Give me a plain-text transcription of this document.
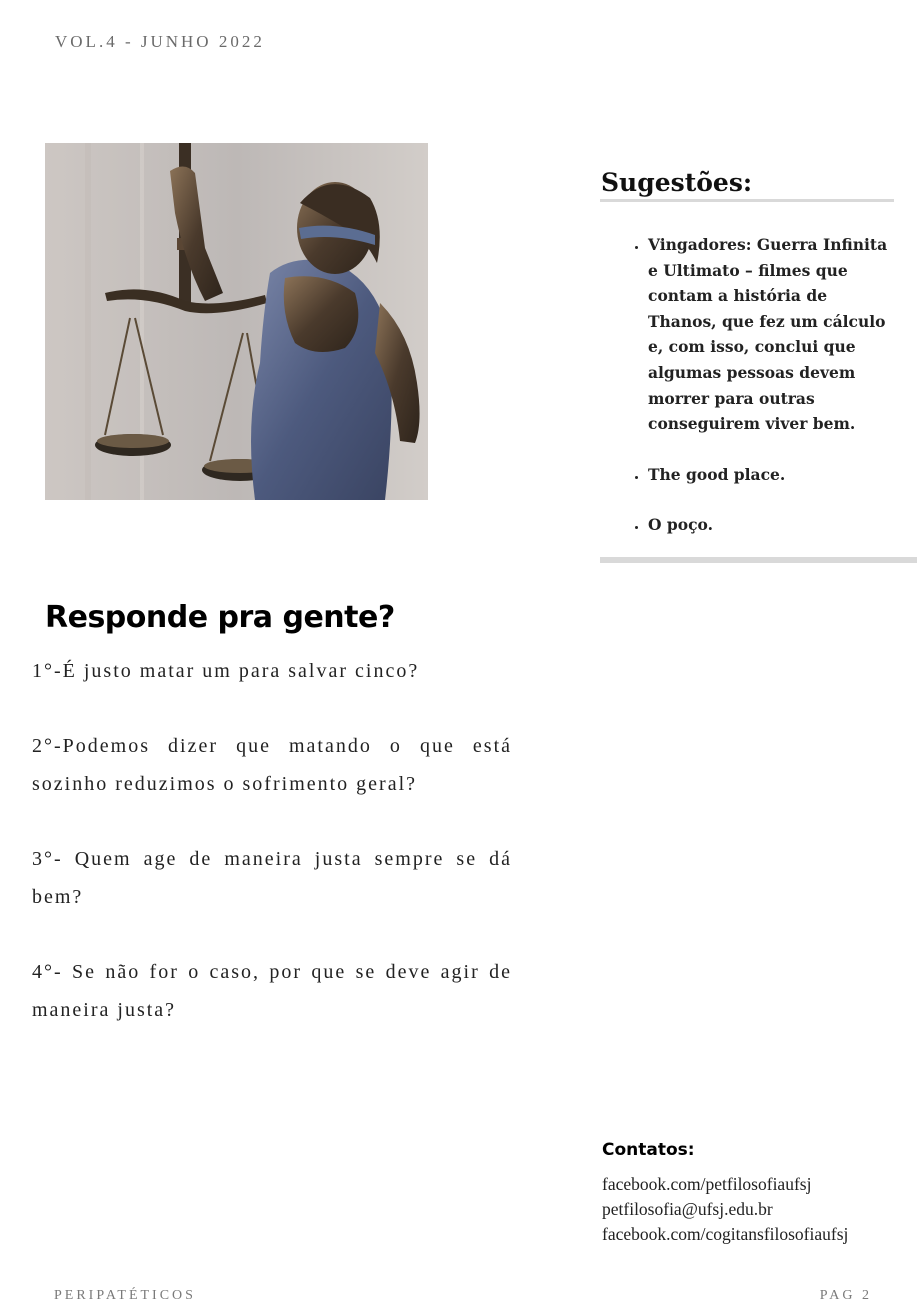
VOL.4 - JUNHO 2022
Sugestões:
• Vingadores: Guerra Infinita e Ultimato – filmes que contam a história de Thanos, que fez um cálculo e, com isso, conclui que algumas pessoas devem morrer para outras conseguirem viver bem.
• The good place.
• O poço.
Responde pra gente?

1°-É justo matar um para salvar cinco?

2°-Podemos dizer que matando o que está sozinho reduzimos o sofrimento geral?

3°- Quem age de maneira justa sempre se dá bem?

4°- Se não for o caso, por que se deve agir de maneira justa?

Contatos:
facebook.com/petfilosofiaufsj
petfilosofia@ufsj.edu.br
facebook.com/cogitansfilosofiaufsj
PERIPATÉTICOS	PAG 2
